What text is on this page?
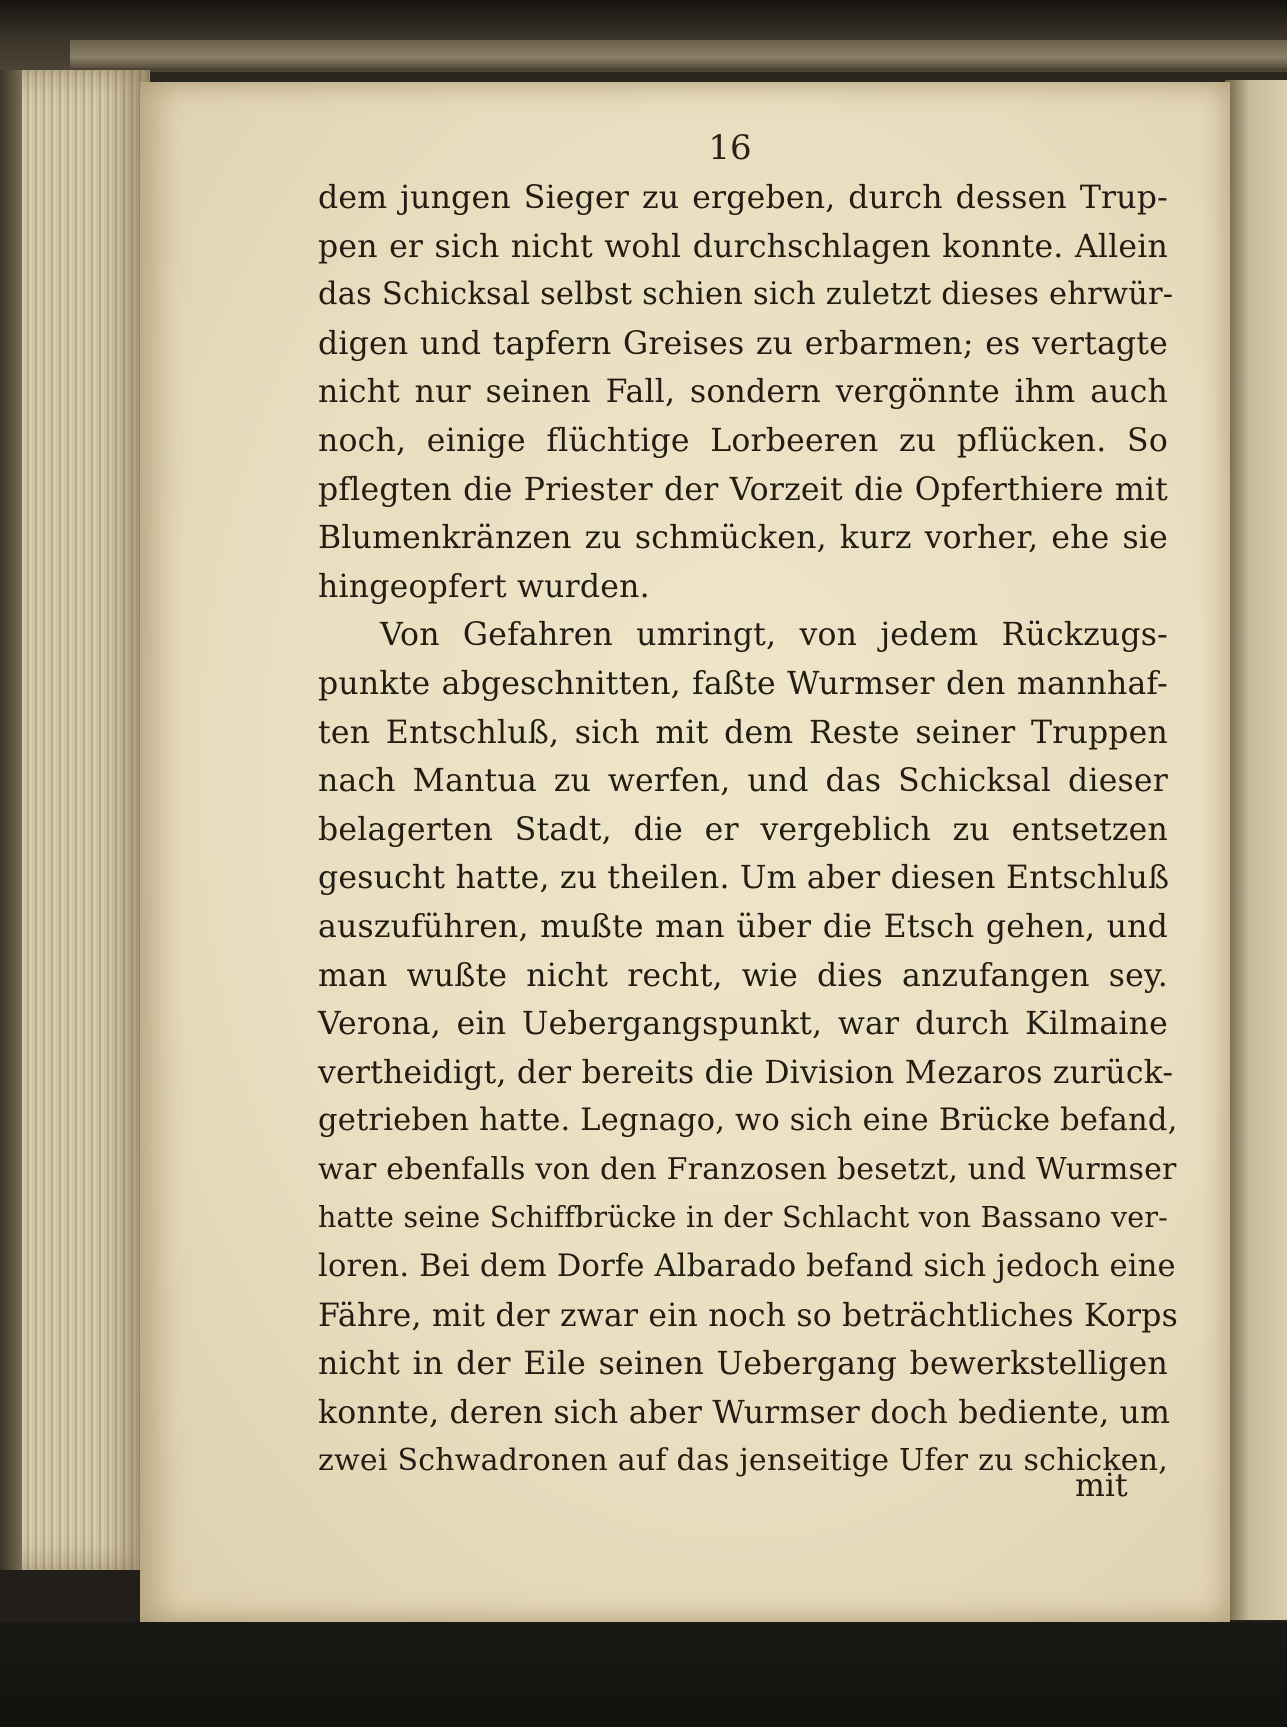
16
dem jungen Sieger zu ergeben, durch dessen Trup-
pen er sich nicht wohl durchschlagen konnte. Allein
das Schicksal selbst schien sich zuletzt dieses ehrwür-
digen und tapfern Greises zu erbarmen; es vertagte
nicht nur seinen Fall, sondern vergönnte ihm auch
noch, einige flüchtige Lorbeeren zu pflücken. So
pflegten die Priester der Vorzeit die Opferthiere mit
Blumenkränzen zu schmücken, kurz vorher, ehe sie
hingeopfert wurden.
Von Gefahren umringt, von jedem Rückzugs-
punkte abgeschnitten, faßte Wurmser den mannhaf-
ten Entschluß, sich mit dem Reste seiner Truppen
nach Mantua zu werfen, und das Schicksal dieser
belagerten Stadt, die er vergeblich zu entsetzen
gesucht hatte, zu theilen. Um aber diesen Entschluß
auszuführen, mußte man über die Etsch gehen, und
man wußte nicht recht, wie dies anzufangen sey.
Verona, ein Uebergangspunkt, war durch Kilmaine
vertheidigt, der bereits die Division Mezaros zurück-
getrieben hatte. Legnago, wo sich eine Brücke befand,
war ebenfalls von den Franzosen besetzt, und Wurmser
hatte seine Schiffbrücke in der Schlacht von Bassano ver-
loren. Bei dem Dorfe Albarado befand sich jedoch eine
Fähre, mit der zwar ein noch so beträchtliches Korps
nicht in der Eile seinen Uebergang bewerkstelligen
konnte, deren sich aber Wurmser doch bediente, um
zwei Schwadronen auf das jenseitige Ufer zu schicken,
mit
